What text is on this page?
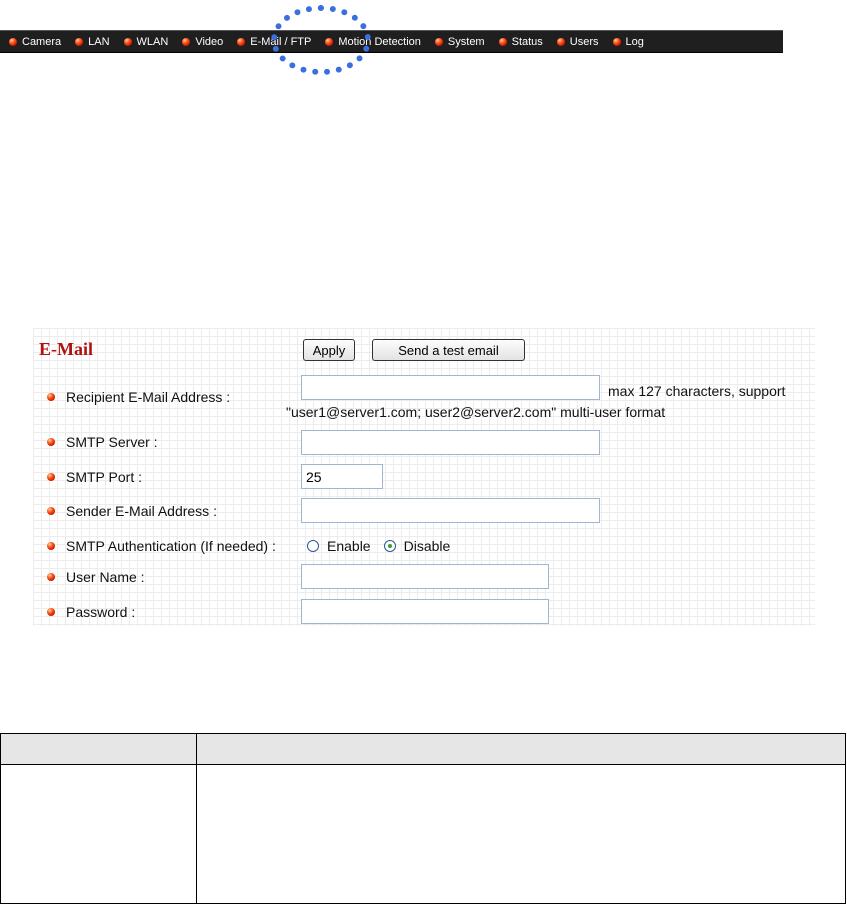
Camera LAN WLAN Video E-Mail / FTP Motion Detection System Status Users Log
E-Mail	Apply	Send a test email
Recipient E-Mail Address :	max 127 characters, support
"user1@server1.com; user2@server2.com" multi-user format
SMTP Server :
SMTP Port :	25
Sender E-Mail Address :
SMTP Authentication (If needed) :	Enable Disable
User Name :
Password :
